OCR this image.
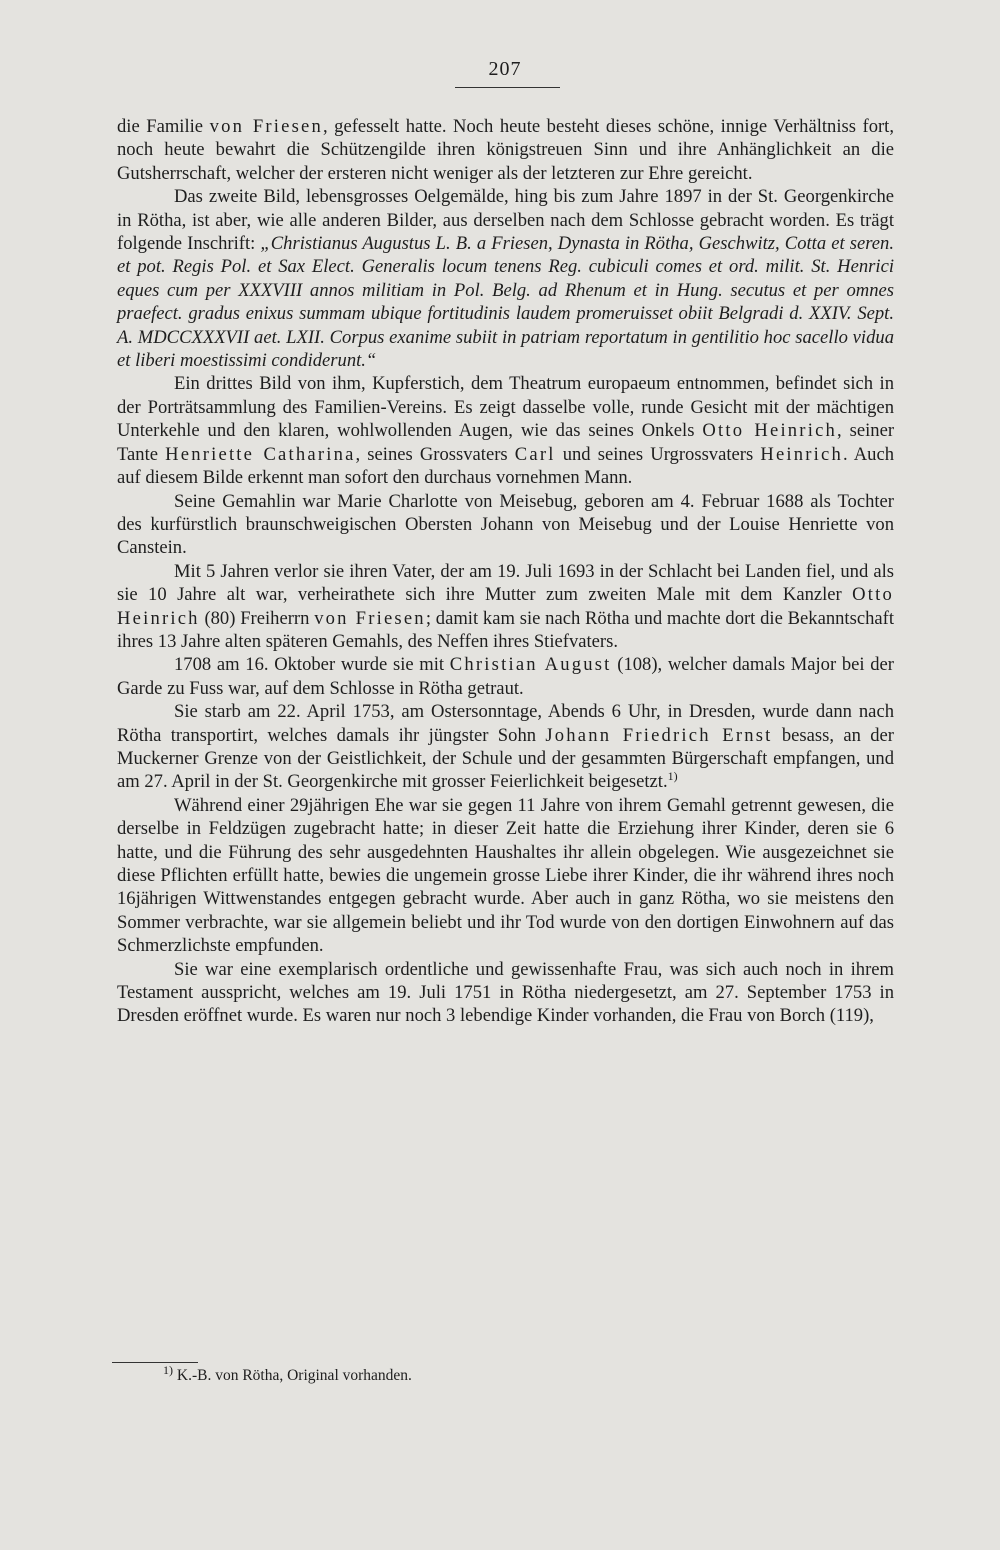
207

die Familie von Friesen, gefesselt hatte. Noch heute besteht dieses schöne, innige Verhältniss fort, noch heute bewahrt die Schützengilde ihren königstreuen Sinn und ihre Anhänglichkeit an die Gutsherrschaft, welcher der ersteren nicht weniger als der letzteren zur Ehre gereicht.

Das zweite Bild, lebensgrosses Oelgemälde, hing bis zum Jahre 1897 in der St. Georgenkirche in Rötha, ist aber, wie alle anderen Bilder, aus derselben nach dem Schlosse gebracht worden. Es trägt folgende Inschrift: „Christianus Augustus L. B. a Friesen, Dynasta in Rötha, Geschwitz, Cotta et seren. et pot. Regis Pol. et Sax Elect. Generalis locum tenens Reg. cubiculi comes et ord. milit. St. Henrici eques cum per XXXVIII annos militiam in Pol. Belg. ad Rhenum et in Hung. secutus et per omnes praefect. gradus enixus summam ubique fortitudinis laudem promeruisset obiit Belgradi d. XXIV. Sept. A. MDCCXXXVII aet. LXII. Corpus exanime subiit in patriam reportatum in gentilitio hoc sacello vidua et liberi moestissimi condiderunt.“

Ein drittes Bild von ihm, Kupferstich, dem Theatrum europaeum entnommen, befindet sich in der Porträtsammlung des Familien-Vereins. Es zeigt dasselbe volle, runde Gesicht mit der mächtigen Unterkehle und den klaren, wohlwollenden Augen, wie das seines Onkels Otto Heinrich, seiner Tante Henriette Catharina, seines Grossvaters Carl und seines Urgrossvaters Heinrich. Auch auf diesem Bilde erkennt man sofort den durchaus vornehmen Mann.

Seine Gemahlin war Marie Charlotte von Meisebug, geboren am 4. Februar 1688 als Tochter des kurfürstlich braunschweigischen Obersten Johann von Meisebug und der Louise Henriette von Canstein.

Mit 5 Jahren verlor sie ihren Vater, der am 19. Juli 1693 in der Schlacht bei Landen fiel, und als sie 10 Jahre alt war, verheirathete sich ihre Mutter zum zweiten Male mit dem Kanzler Otto Heinrich (80) Freiherrn von Friesen; damit kam sie nach Rötha und machte dort die Bekanntschaft ihres 13 Jahre alten späteren Gemahls, des Neffen ihres Stiefvaters.

1708 am 16. Oktober wurde sie mit Christian August (108), welcher damals Major bei der Garde zu Fuss war, auf dem Schlosse in Rötha getraut.

Sie starb am 22. April 1753, am Ostersonntage, Abends 6 Uhr, in Dresden, wurde dann nach Rötha transportirt, welches damals ihr jüngster Sohn Johann Friedrich Ernst besass, an der Muckerner Grenze von der Geistlichkeit, der Schule und der gesammten Bürgerschaft empfangen, und am 27. April in der St. Georgenkirche mit grosser Feierlichkeit beigesetzt.$^{1)}$

Während einer 29jährigen Ehe war sie gegen 11 Jahre von ihrem Gemahl getrennt gewesen, die derselbe in Feldzügen zugebracht hatte; in dieser Zeit hatte die Erziehung ihrer Kinder, deren sie 6 hatte, und die Führung des sehr ausgedehnten Haushaltes ihr allein obgelegen. Wie ausgezeichnet sie diese Pflichten erfüllt hatte, bewies die ungemein grosse Liebe ihrer Kinder, die ihr während ihres noch 16jährigen Wittwenstandes entgegen gebracht wurde. Aber auch in ganz Rötha, wo sie meistens den Sommer verbrachte, war sie allgemein beliebt und ihr Tod wurde von den dortigen Einwohnern auf das Schmerzlichste empfunden.

Sie war eine exemplarisch ordentliche und gewissenhafte Frau, was sich auch noch in ihrem Testament ausspricht, welches am 19. Juli 1751 in Rötha niedergesetzt, am 27. September 1753 in Dresden eröffnet wurde. Es waren nur noch 3 lebendige Kinder vorhanden, die Frau von Borch (119),

$^{1)}$ K.-B. von Rötha, Original vorhanden.
